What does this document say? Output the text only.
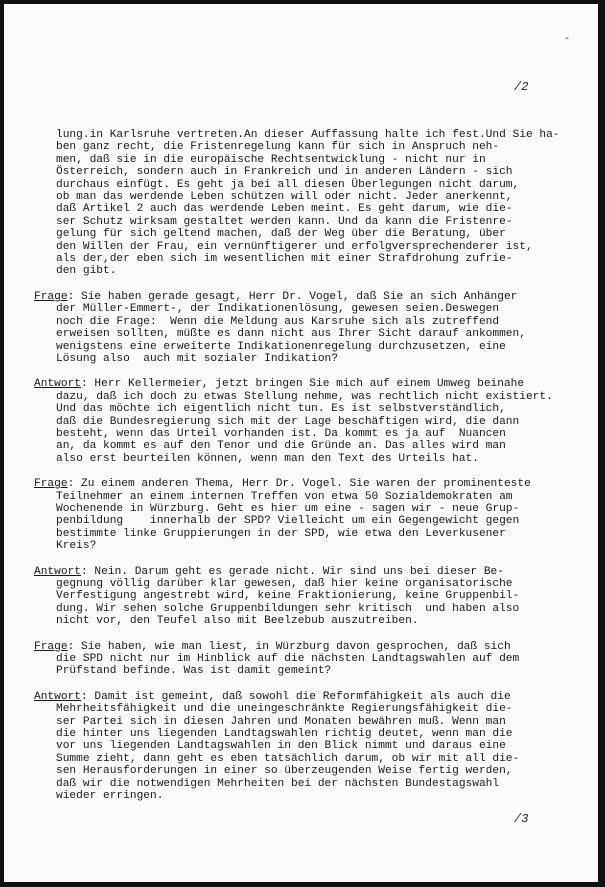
-
/2
lung.in Karlsruhe vertreten.An dieser Auffassung halte ich fest.Und Sie ha-
ben ganz recht, die Fristenregelung kann für sich in Anspruch neh-
men, daß sie in die europäische Rechtsentwicklung - nicht nur in
Österreich, sondern auch in Frankreich und in anderen Ländern - sich
durchaus einfügt. Es geht ja bei all diesen Überlegungen nicht darum,
ob man das werdende Leben schützen will oder nicht. Jeder anerkennt,
daß Artikel 2 auch das werdende Leben meint. Es geht darum, wie die-
ser Schutz wirksam gestaltet werden kann. Und da kann die Fristenre-
gelung für sich geltend machen, daß der Weg über die Beratung, über
den Willen der Frau, ein vernünftigerer und erfolgversprechenderer ist,
als der,der eben sich im wesentlichen mit einer Strafdrohung zufrie-
den gibt.
Frage: Sie haben gerade gesagt, Herr Dr. Vogel, daß Sie an sich Anhänger
der Müller-Emmert-, der Indikationenlösung, gewesen seien.Deswegen
noch die Frage:  Wenn die Meldung aus Karsruhe sich als zutreffend
erweisen sollten, müßte es dann nicht aus Ihrer Sicht darauf ankommen,
wenigstens eine erweiterte Indikationenregelung durchzusetzen, eine
Lösung also  auch mit sozialer Indikation?
Antwort: Herr Kellermeier, jetzt bringen Sie mich auf einem Umweg beinahe
dazu, daß ich doch zu etwas Stellung nehme, was rechtlich nicht existiert.
Und das möchte ich eigentlich nicht tun. Es ist selbstverständlich,
daß die Bundesregierung sich mit der Lage beschäftigen wird, die dann
besteht, wenn das Urteil vorhanden ist. Da kommt es ja auf  Nuancen
an, da kommt es auf den Tenor und die Gründe an. Das alles wird man
also erst beurteilen können, wenn man den Text des Urteils hat.
Frage: Zu einem anderen Thema, Herr Dr. Vogel. Sie waren der prominenteste
Teilnehmer an einem internen Treffen von etwa 50 Sozialdemokraten am
Wochenende in Würzburg. Geht es hier um eine - sagen wir - neue Grup-
penbildung    innerhalb der SPD? Vielleicht um ein Gegengewicht gegen
bestimmte linke Gruppierungen in der SPD, wie etwa den Leverkusener
Kreis?
Antwort: Nein. Darum geht es gerade nicht. Wir sind uns bei dieser Be-
gegnung völlig darüber klar gewesen, daß hier keine organisatorische
Verfestigung angestrebt wird, keine Fraktionierung, keine Gruppenbil-
dung. Wir sehen solche Gruppenbildungen sehr kritisch  und haben also
nicht vor, den Teufel also mit Beelzebub auszutreiben.
Frage: Sie haben, wie man liest, in Würzburg davon gesprochen, daß sich
die SPD nicht nur im Hinblick auf die nächsten Landtagswahlen auf dem
Prüfstand befinde. Was ist damit gemeint?
Antwort: Damit ist gemeint, daß sowohl die Reformfähigkeit als auch die
Mehrheitsfähigkeit und die uneingeschränkte Regierungsfähigkeit die-
ser Partei sich in diesen Jahren und Monaten bewähren muß. Wenn man
die hinter uns liegenden Landtagswahlen richtig deutet, wenn man die
vor uns liegenden Landtagswahlen in den Blick nimmt und daraus eine
Summe zieht, dann geht es eben tatsächlich darum, ob wir mit all die-
sen Herausforderungen in einer so überzeugenden Weise fertig werden,
daß wir die notwendigen Mehrheiten bei der nächsten Bundestagswahl
wieder erringen.
/3
